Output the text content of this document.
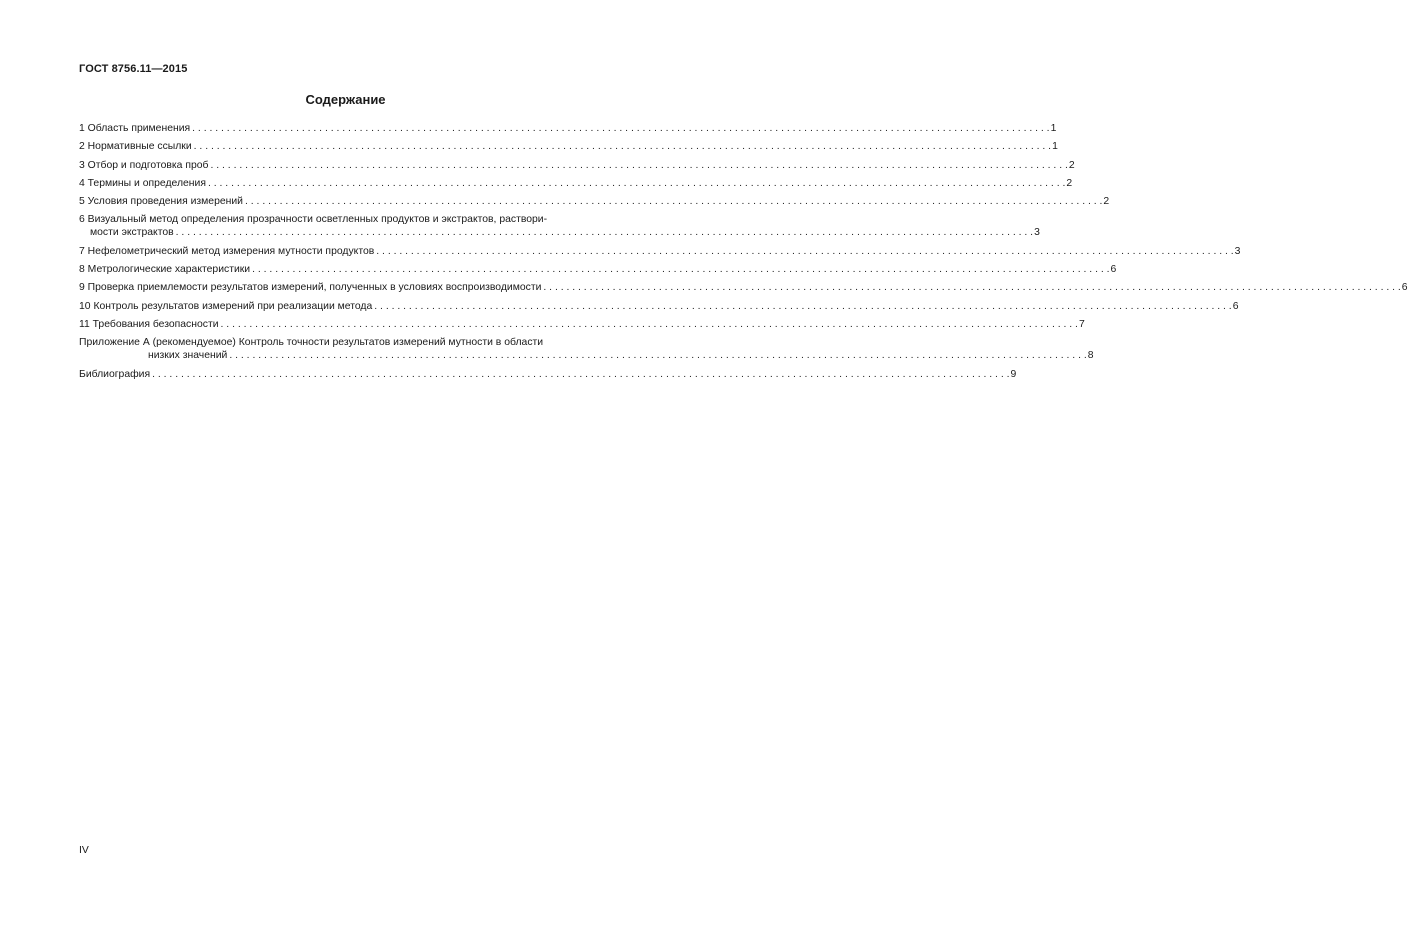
ГОСТ 8756.11—2015
Содержание
1 Область применения . . .	1
2 Нормативные ссылки . . .	1
3 Отбор и подготовка проб . . .	2
4 Термины и определения . . .	2
5 Условия проведения измерений . . .	2
6 Визуальный метод определения прозрачности осветленных продуктов и экстрактов, раствори-
мости экстрактов . . .	3
7 Нефелометрический метод измерения мутности продуктов . . .	3
8 Метрологические характеристики . . .	6
9 Проверка приемлемости результатов измерений, полученных в условиях воспроизводимости . . .	6
10 Контроль результатов измерений при реализации метода . . .	6
11 Требования безопасности . . .	7
Приложение А (рекомендуемое) Контроль точности результатов измерений мутности в области
низких значений . . .	8
Библиография . . .	9
IV
